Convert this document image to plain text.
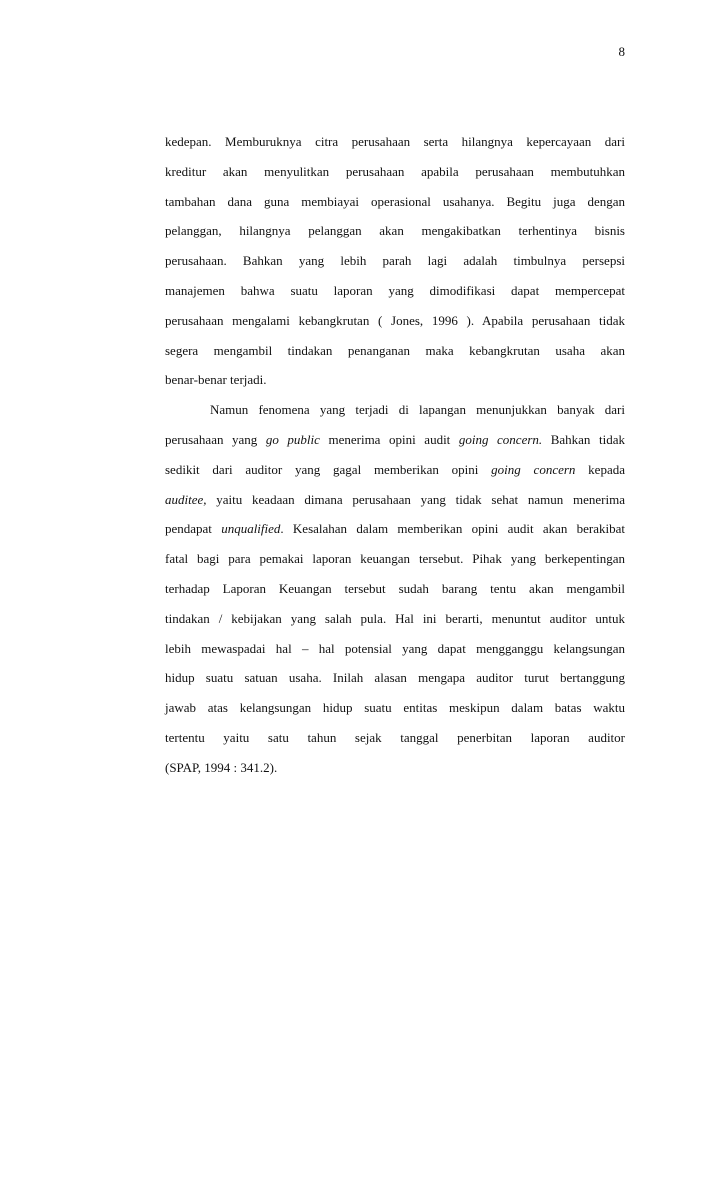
8
kedepan. Memburuknya citra perusahaan serta hilangnya kepercayaan dari
kreditur akan menyulitkan perusahaan apabila perusahaan membutuhkan
tambahan dana guna membiayai operasional usahanya. Begitu juga dengan
pelanggan, hilangnya pelanggan akan mengakibatkan terhentinya bisnis
perusahaan. Bahkan yang lebih parah lagi adalah timbulnya persepsi
manajemen bahwa suatu laporan yang dimodifikasi dapat mempercepat
perusahaan mengalami kebangkrutan ( Jones, 1996 ). Apabila perusahaan tidak
segera mengambil tindakan penanganan maka kebangkrutan usaha akan
benar-benar terjadi.
Namun fenomena yang terjadi di lapangan menunjukkan banyak dari
perusahaan yang go public menerima opini audit going concern. Bahkan tidak
sedikit dari auditor yang gagal memberikan opini going concern kepada
auditee, yaitu keadaan dimana perusahaan yang tidak sehat namun menerima
pendapat unqualified. Kesalahan dalam memberikan opini audit akan berakibat
fatal bagi para pemakai laporan keuangan tersebut. Pihak yang berkepentingan
terhadap Laporan Keuangan tersebut sudah barang tentu akan mengambil
tindakan / kebijakan yang salah pula. Hal ini berarti, menuntut auditor untuk
lebih mewaspadai hal – hal potensial yang dapat mengganggu kelangsungan
hidup suatu satuan usaha. Inilah alasan mengapa auditor turut bertanggung
jawab atas kelangsungan hidup suatu entitas meskipun dalam batas waktu
tertentu yaitu satu tahun sejak tanggal penerbitan laporan auditor
(SPAP, 1994 : 341.2).
